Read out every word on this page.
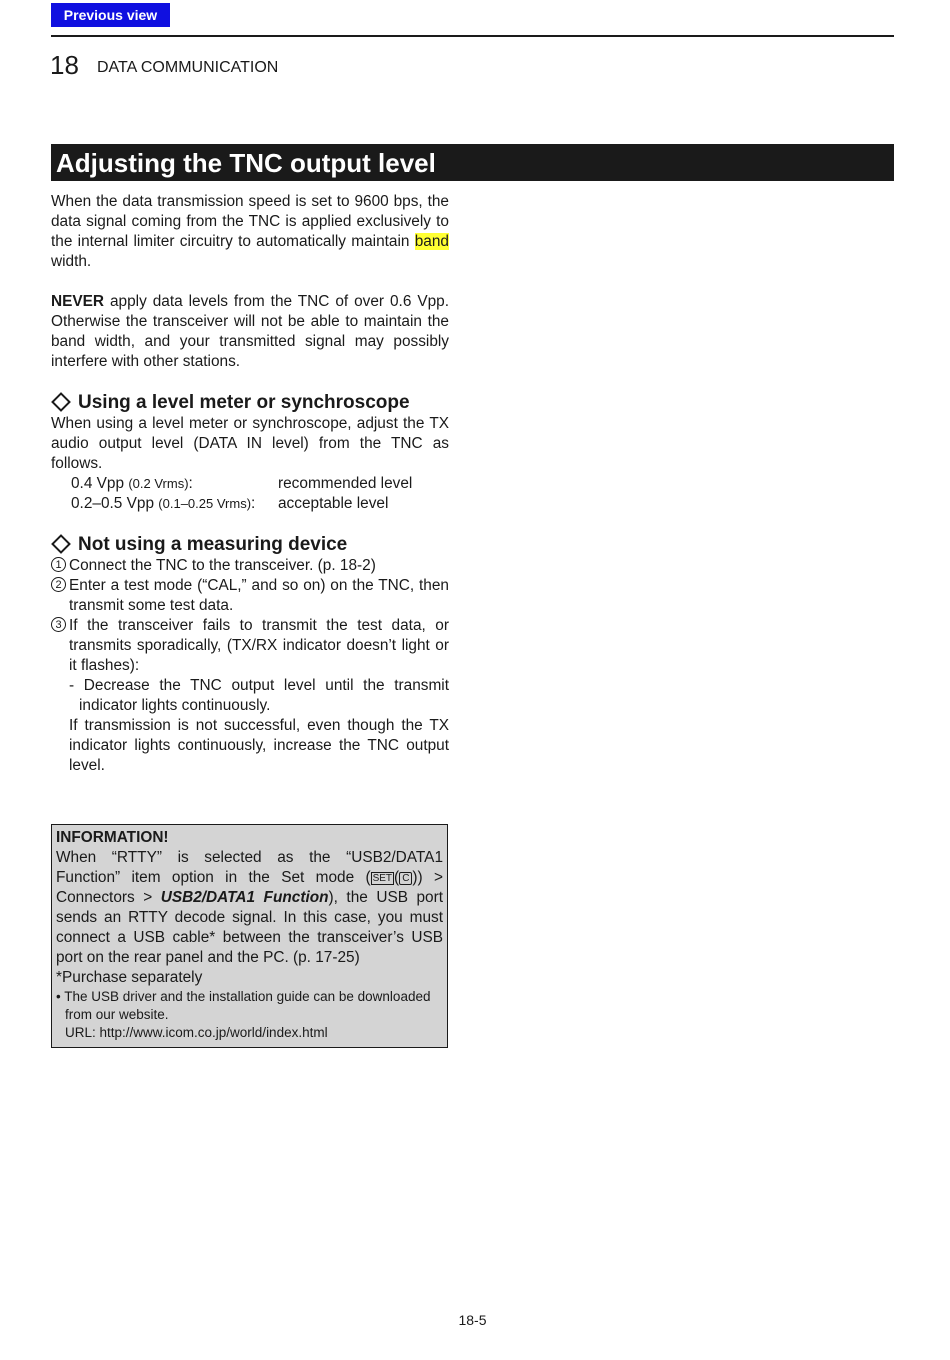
Previous view
18 DATA COMMUNICATION
Adjusting the TNC output level
When the data transmission speed is set to 9600 bps, the data signal coming from the TNC is applied exclusively to the internal limiter circuitry to automatically maintain band width.
NEVER apply data levels from the TNC of over 0.6 Vpp. Otherwise the transceiver will not be able to maintain the band width, and your transmitted signal may possibly interfere with other stations.
Using a level meter or synchroscope
When using a level meter or synchroscope, adjust the TX audio output level (DATA IN level) from the TNC as follows.
0.4 Vpp (0.2 Vrms):	recommended level
0.2–0.5 Vpp (0.1–0.25 Vrms): acceptable level
Not using a measuring device
1 Connect the TNC to the transceiver. (p. 18-2)
2 Enter a test mode (“CAL,” and so on) on the TNC, then transmit some test data.
3 If the transceiver fails to transmit the test data, or transmits sporadically, (TX/RX indicator doesn’t light or it flashes):
- Decrease the TNC output level until the transmit indicator lights continuously.
If transmission is not successful, even though the TX indicator lights continuously, increase the TNC output level.
INFORMATION!
When “RTTY” is selected as the “USB2/DATA1 Function” item option in the Set mode ( SET ( C )) > Connectors > USB2/DATA1 Function), the USB port sends an RTTY decode signal. In this case, you must connect a USB cable* between the transceiver’s USB port on the rear panel and the PC. (p. 17-25)
*Purchase separately
• The USB driver and the installation guide can be downloaded from our website.
URL: http://www.icom.co.jp/world/index.html
18-5
